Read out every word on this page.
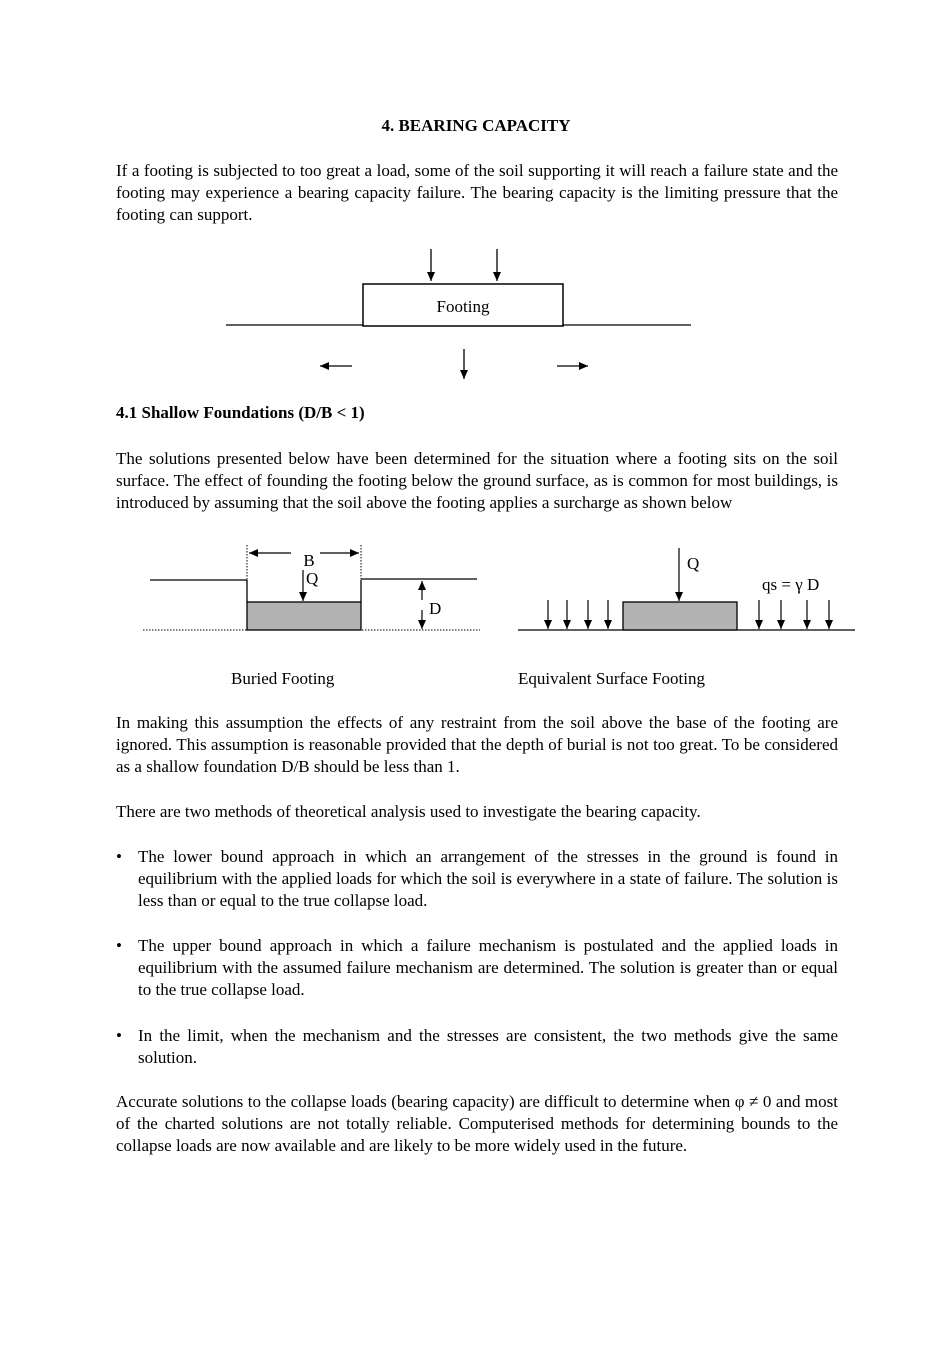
4. BEARING CAPACITY

If a footing is subjected to too great a load, some of the soil supporting it will reach a failure state and the footing may experience a bearing capacity failure. The bearing capacity is the limiting pressure that the footing can support.

Footing
B
Q
D
Q
qs = γ D
4.1 Shallow Foundations (D/B < 1)

The solutions presented below have been determined for the situation where a footing sits on the soil surface. The effect of founding the footing below the ground surface, as is common for most buildings, is introduced by assuming that the soil above the footing applies a surcharge as shown below

Buried Footing	Equivalent Surface Footing

In making this assumption the effects of any restraint from the soil above the base of the footing are ignored. This assumption is reasonable provided that the depth of burial is not too great. To be considered as a shallow foundation D/B should be less than 1.

There are two methods of theoretical analysis used to investigate the bearing capacity.

• The lower bound approach in which an arrangement of the stresses in the ground is found in equilibrium with the applied loads for which the soil is everywhere in a state of failure. The solution is less than or equal to the true collapse load.
• The upper bound approach in which a failure mechanism is postulated and the applied loads in equilibrium with the assumed failure mechanism are determined. The solution is greater than or equal to the true collapse load.
• In the limit, when the mechanism and the stresses are consistent, the two methods give the same solution.

Accurate solutions to the collapse loads (bearing capacity) are difficult to determine when φ ≠ 0 and most of the charted solutions are not totally reliable. Computerised methods for determining bounds to the collapse loads are now available and are likely to be more widely used in the future.
